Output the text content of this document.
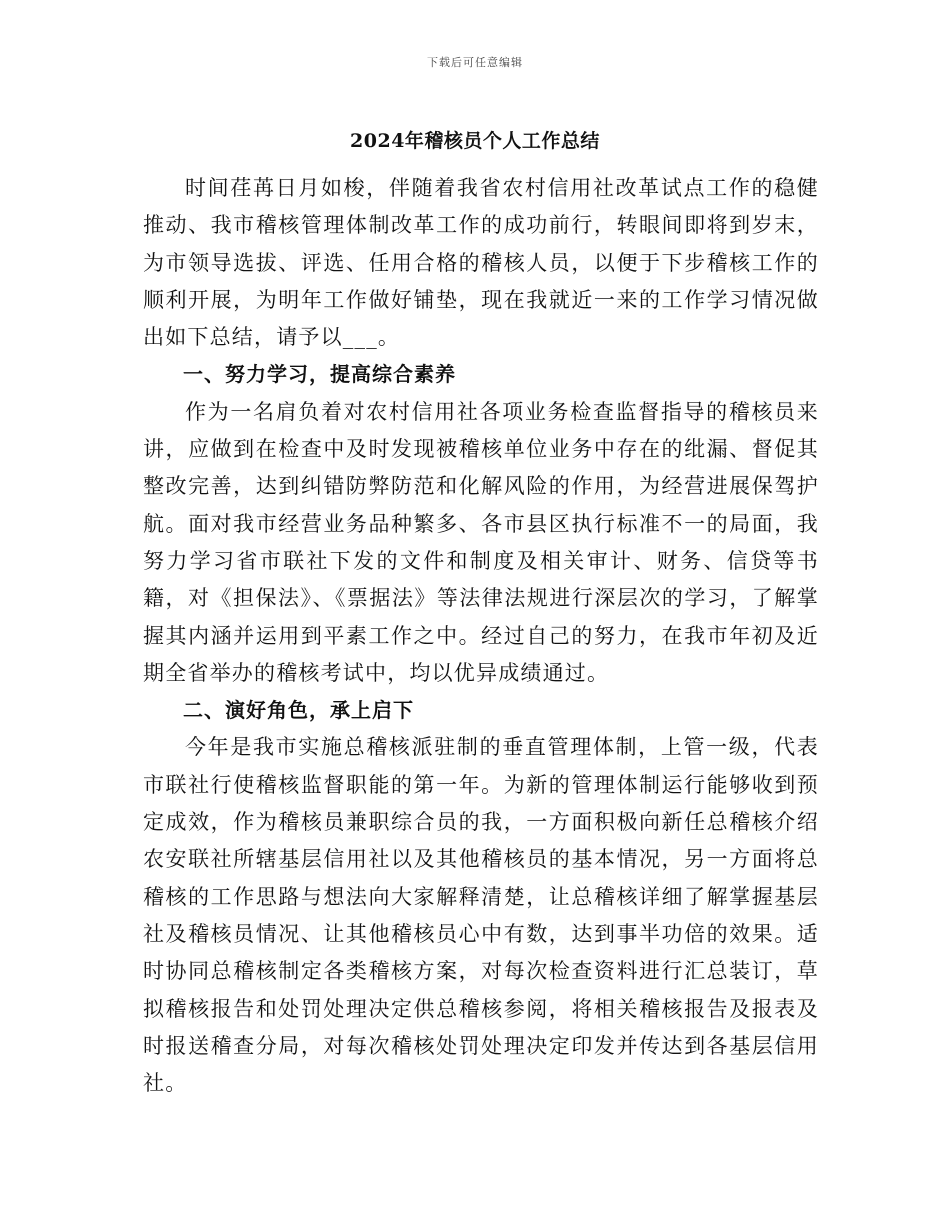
下载后可任意编辑
2024年稽核员个人工作总结

时间荏苒日月如梭，伴随着我省农村信用社改革试点工作的稳健推动、我市稽核管理体制改革工作的成功前行，转眼间即将到岁末，为市领导选拔、评选、任用合格的稽核人员，以便于下步稽核工作的顺利开展，为明年工作做好铺垫，现在我就近一来的工作学习情况做出如下总结，请予以___。

一、努力学习，提高综合素养

作为一名肩负着对农村信用社各项业务检查监督指导的稽核员来讲，应做到在检查中及时发现被稽核单位业务中存在的纰漏、督促其整改完善，达到纠错防弊防范和化解风险的作用，为经营进展保驾护航。面对我市经营业务品种繁多、各市县区执行标准不一的局面，我努力学习省市联社下发的文件和制度及相关审计、财务、信贷等书籍，对《担保法》、《票据法》等法律法规进行深层次的学习，了解掌握其内涵并运用到平素工作之中。经过自己的努力，在我市年初及近期全省举办的稽核考试中，均以优异成绩通过。

二、演好角色，承上启下

今年是我市实施总稽核派驻制的垂直管理体制，上管一级，代表市联社行使稽核监督职能的第一年。为新的管理体制运行能够收到预定成效，作为稽核员兼职综合员的我，一方面积极向新任总稽核介绍农安联社所辖基层信用社以及其他稽核员的基本情况，另一方面将总稽核的工作思路与想法向大家解释清楚，让总稽核详细了解掌握基层社及稽核员情况、让其他稽核员心中有数，达到事半功倍的效果。适时协同总稽核制定各类稽核方案，对每次检查资料进行汇总装订，草拟稽核报告和处罚处理决定供总稽核参阅，将相关稽核报告及报表及时报送稽查分局，对每次稽核处罚处理决定印发并传达到各基层信用社。
